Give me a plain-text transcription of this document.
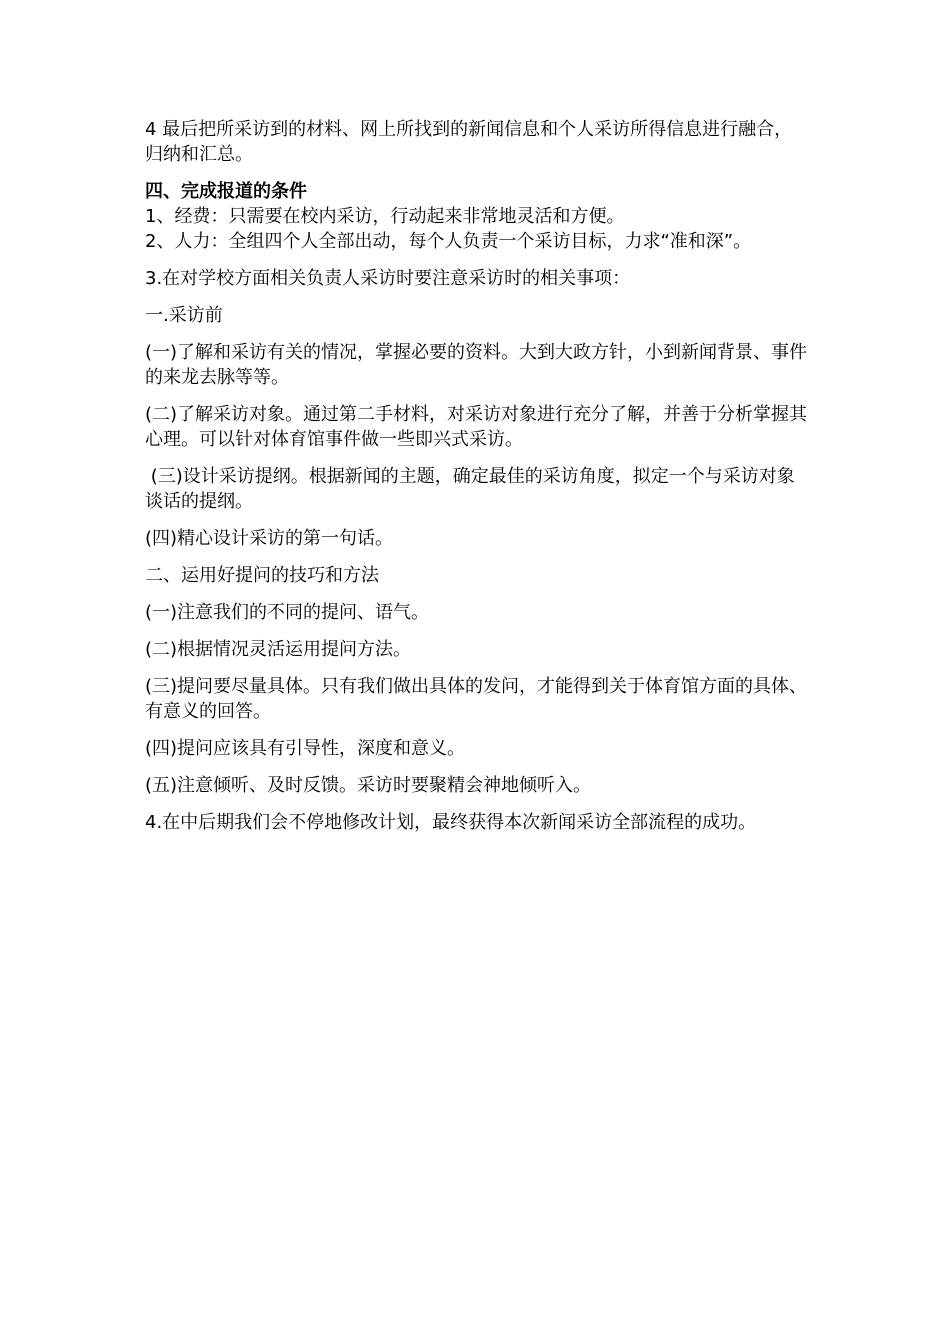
4 最后把所采访到的材料、网上所找到的新闻信息和个人采访所得信息进行融合，归纳和汇总。

四、完成报道的条件

1、经费：只需要在校内采访，行动起来非常地灵活和方便。

2、人力：全组四个人全部出动，每个人负责一个采访目标，力求“准和深”。

3.在对学校方面相关负责人采访时要注意采访时的相关事项：

一.采访前

(一)了解和采访有关的情况，掌握必要的资料。大到大政方针，小到新闻背景、事件的来龙去脉等等。

(二)了解采访对象。通过第二手材料，对采访对象进行充分了解，并善于分析掌握其心理。可以针对体育馆事件做一些即兴式采访。

(三)设计采访提纲。根据新闻的主题，确定最佳的采访角度，拟定一个与采访对象谈话的提纲。

(四)精心设计采访的第一句话。

二、运用好提问的技巧和方法

(一)注意我们的不同的提问、语气。

(二)根据情况灵活运用提问方法。

(三)提问要尽量具体。只有我们做出具体的发问，才能得到关于体育馆方面的具体、有意义的回答。

(四)提问应该具有引导性，深度和意义。

(五)注意倾听、及时反馈。采访时要聚精会神地倾听入。

4.在中后期我们会不停地修改计划，最终获得本次新闻采访全部流程的成功。
